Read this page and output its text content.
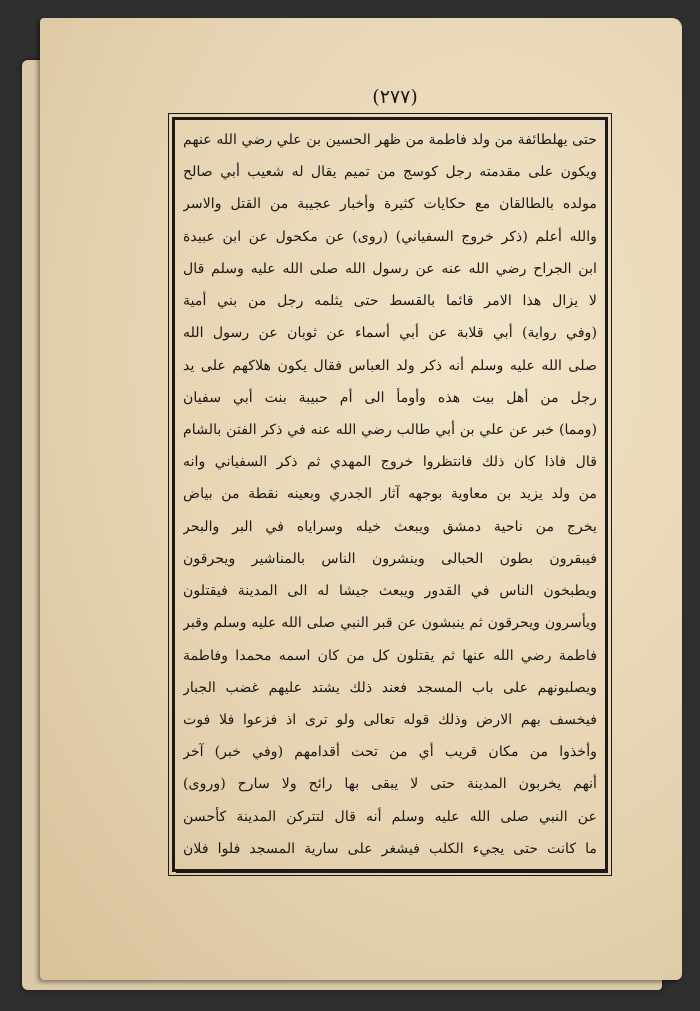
(٢٧٧)
حتى يهلطائفة من ولد فاطمة من ظهر الحسين بن علي رضي الله عنهم
ويكون على مقدمته رجل كوسج من تميم يقال له شعيب أبي صالح
مولده بالطالقان مع حكايات كثيرة وأخبار عجيبة من القتل والاسر
والله أعلم (ذكر خروج السفياني) (روى) عن مكحول عن ابن عبيدة
ابن الجراح رضي الله عنه عن رسول الله صلى الله عليه وسلم قال
لا يزال هذا الامر قائما بالقسط حتى يثلمه رجل من بني أمية
(وفي رواية) أبي قلابة عن أبي أسماء عن ثوبان عن رسول الله
صلى الله عليه وسلم أنه ذكر ولد العباس فقال يكون هلاكهم على يد
رجل من أهل بيت هذه وأومأ الى أم حبيبة بنت أبي سفيان
(ومما) خبر عن علي بن أبي طالب رضي الله عنه في ذكر الفتن بالشام
قال فاذا كان ذلك فانتظروا خروج المهدي ثم ذكر السفياني وانه
من ولد يزيد بن معاوية بوجهه آثار الجدري وبعينه نقطة من بياض
يخرج من ناحية دمشق ويبعث خيله وسراياه في البر والبحر
فيبقرون بطون الحبالى وينشرون الناس بالمناشير ويحرقون
ويطبخون الناس في القدور ويبعث جيشا له الى المدينة فيقتلون
ويأسرون ويحرقون ثم ينبشون عن قبر النبي صلى الله عليه وسلم وقبر
فاطمة رضي الله عنها ثم يقتلون كل من كان اسمه محمدا وفاطمة
ويصلبونهم على باب المسجد فعند ذلك يشتد عليهم غضب الجبار
فيخسف بهم الارض وذلك قوله تعالى ولو ترى اذ فزعوا فلا فوت
وأخذوا من مكان قريب أي من تحت أقدامهم (وفي خبر) آخر
أنهم يخربون المدينة حتى لا يبقى بها رائح ولا سارح (وروى)
عن النبي صلى الله عليه وسلم أنه قال لتتركن المدينة كأحسن
ما كانت حتى يجيء الكلب فيشغر على سارية المسجد فلوا فلان
